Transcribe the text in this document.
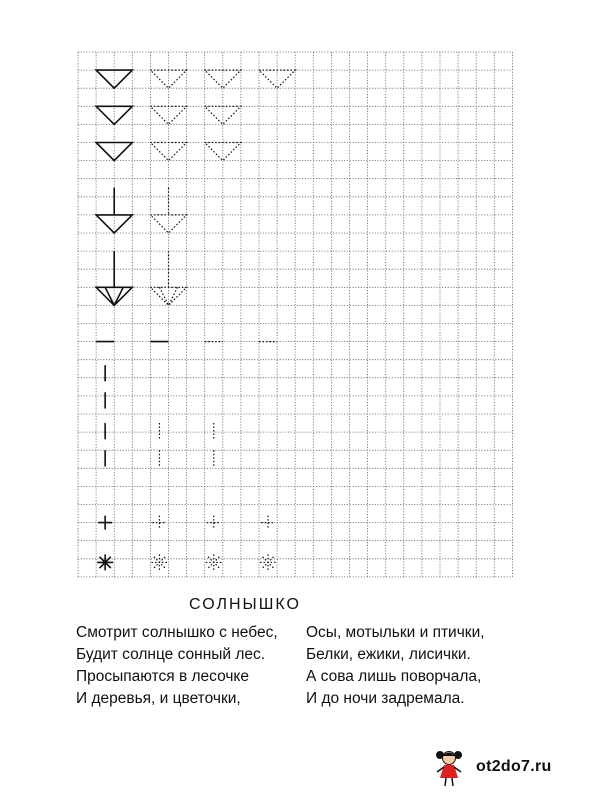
СОЛНЫШКО
Смотрит солнышко с небес,
Будит солнце сонный лес.
Просыпаются в лесочке
И деревья, и цветочки,
Осы, мотыльки и птички,
Белки, ежики, лисички.
А сова лишь поворчала,
И до ночи задремала.
ot2do7.ru
